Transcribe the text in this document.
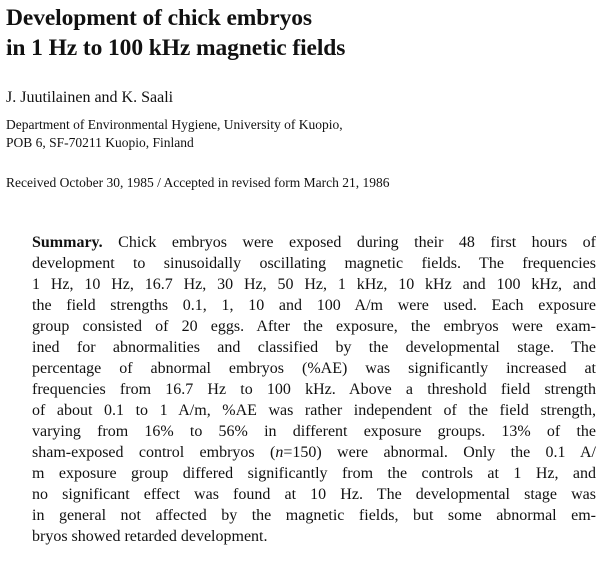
Development of chick embryos
in 1 Hz to 100 kHz magnetic fields

J. Juutilainen and K. Saali

Department of Environmental Hygiene, University of Kuopio,
POB 6, SF-70211 Kuopio, Finland

Received October 30, 1985 / Accepted in revised form March 21, 1986

Summary. Chick embryos were exposed during their 48 first hours of
development to sinusoidally oscillating magnetic fields. The frequencies
1 Hz, 10 Hz, 16.7 Hz, 30 Hz, 50 Hz, 1 kHz, 10 kHz and 100 kHz, and
the field strengths 0.1, 1, 10 and 100 A/m were used. Each exposure
group consisted of 20 eggs. After the exposure, the embryos were exam-
ined for abnormalities and classified by the developmental stage. The
percentage of abnormal embryos (%AE) was significantly increased at
frequencies from 16.7 Hz to 100 kHz. Above a threshold field strength
of about 0.1 to 1 A/m, %AE was rather independent of the field strength,
varying from 16% to 56% in different exposure groups. 13% of the
sham-exposed control embryos (n=150) were abnormal. Only the 0.1 A/
m exposure group differed significantly from the controls at 1 Hz, and
no significant effect was found at 10 Hz. The developmental stage was
in general not affected by the magnetic fields, but some abnormal em-
bryos showed retarded development.
